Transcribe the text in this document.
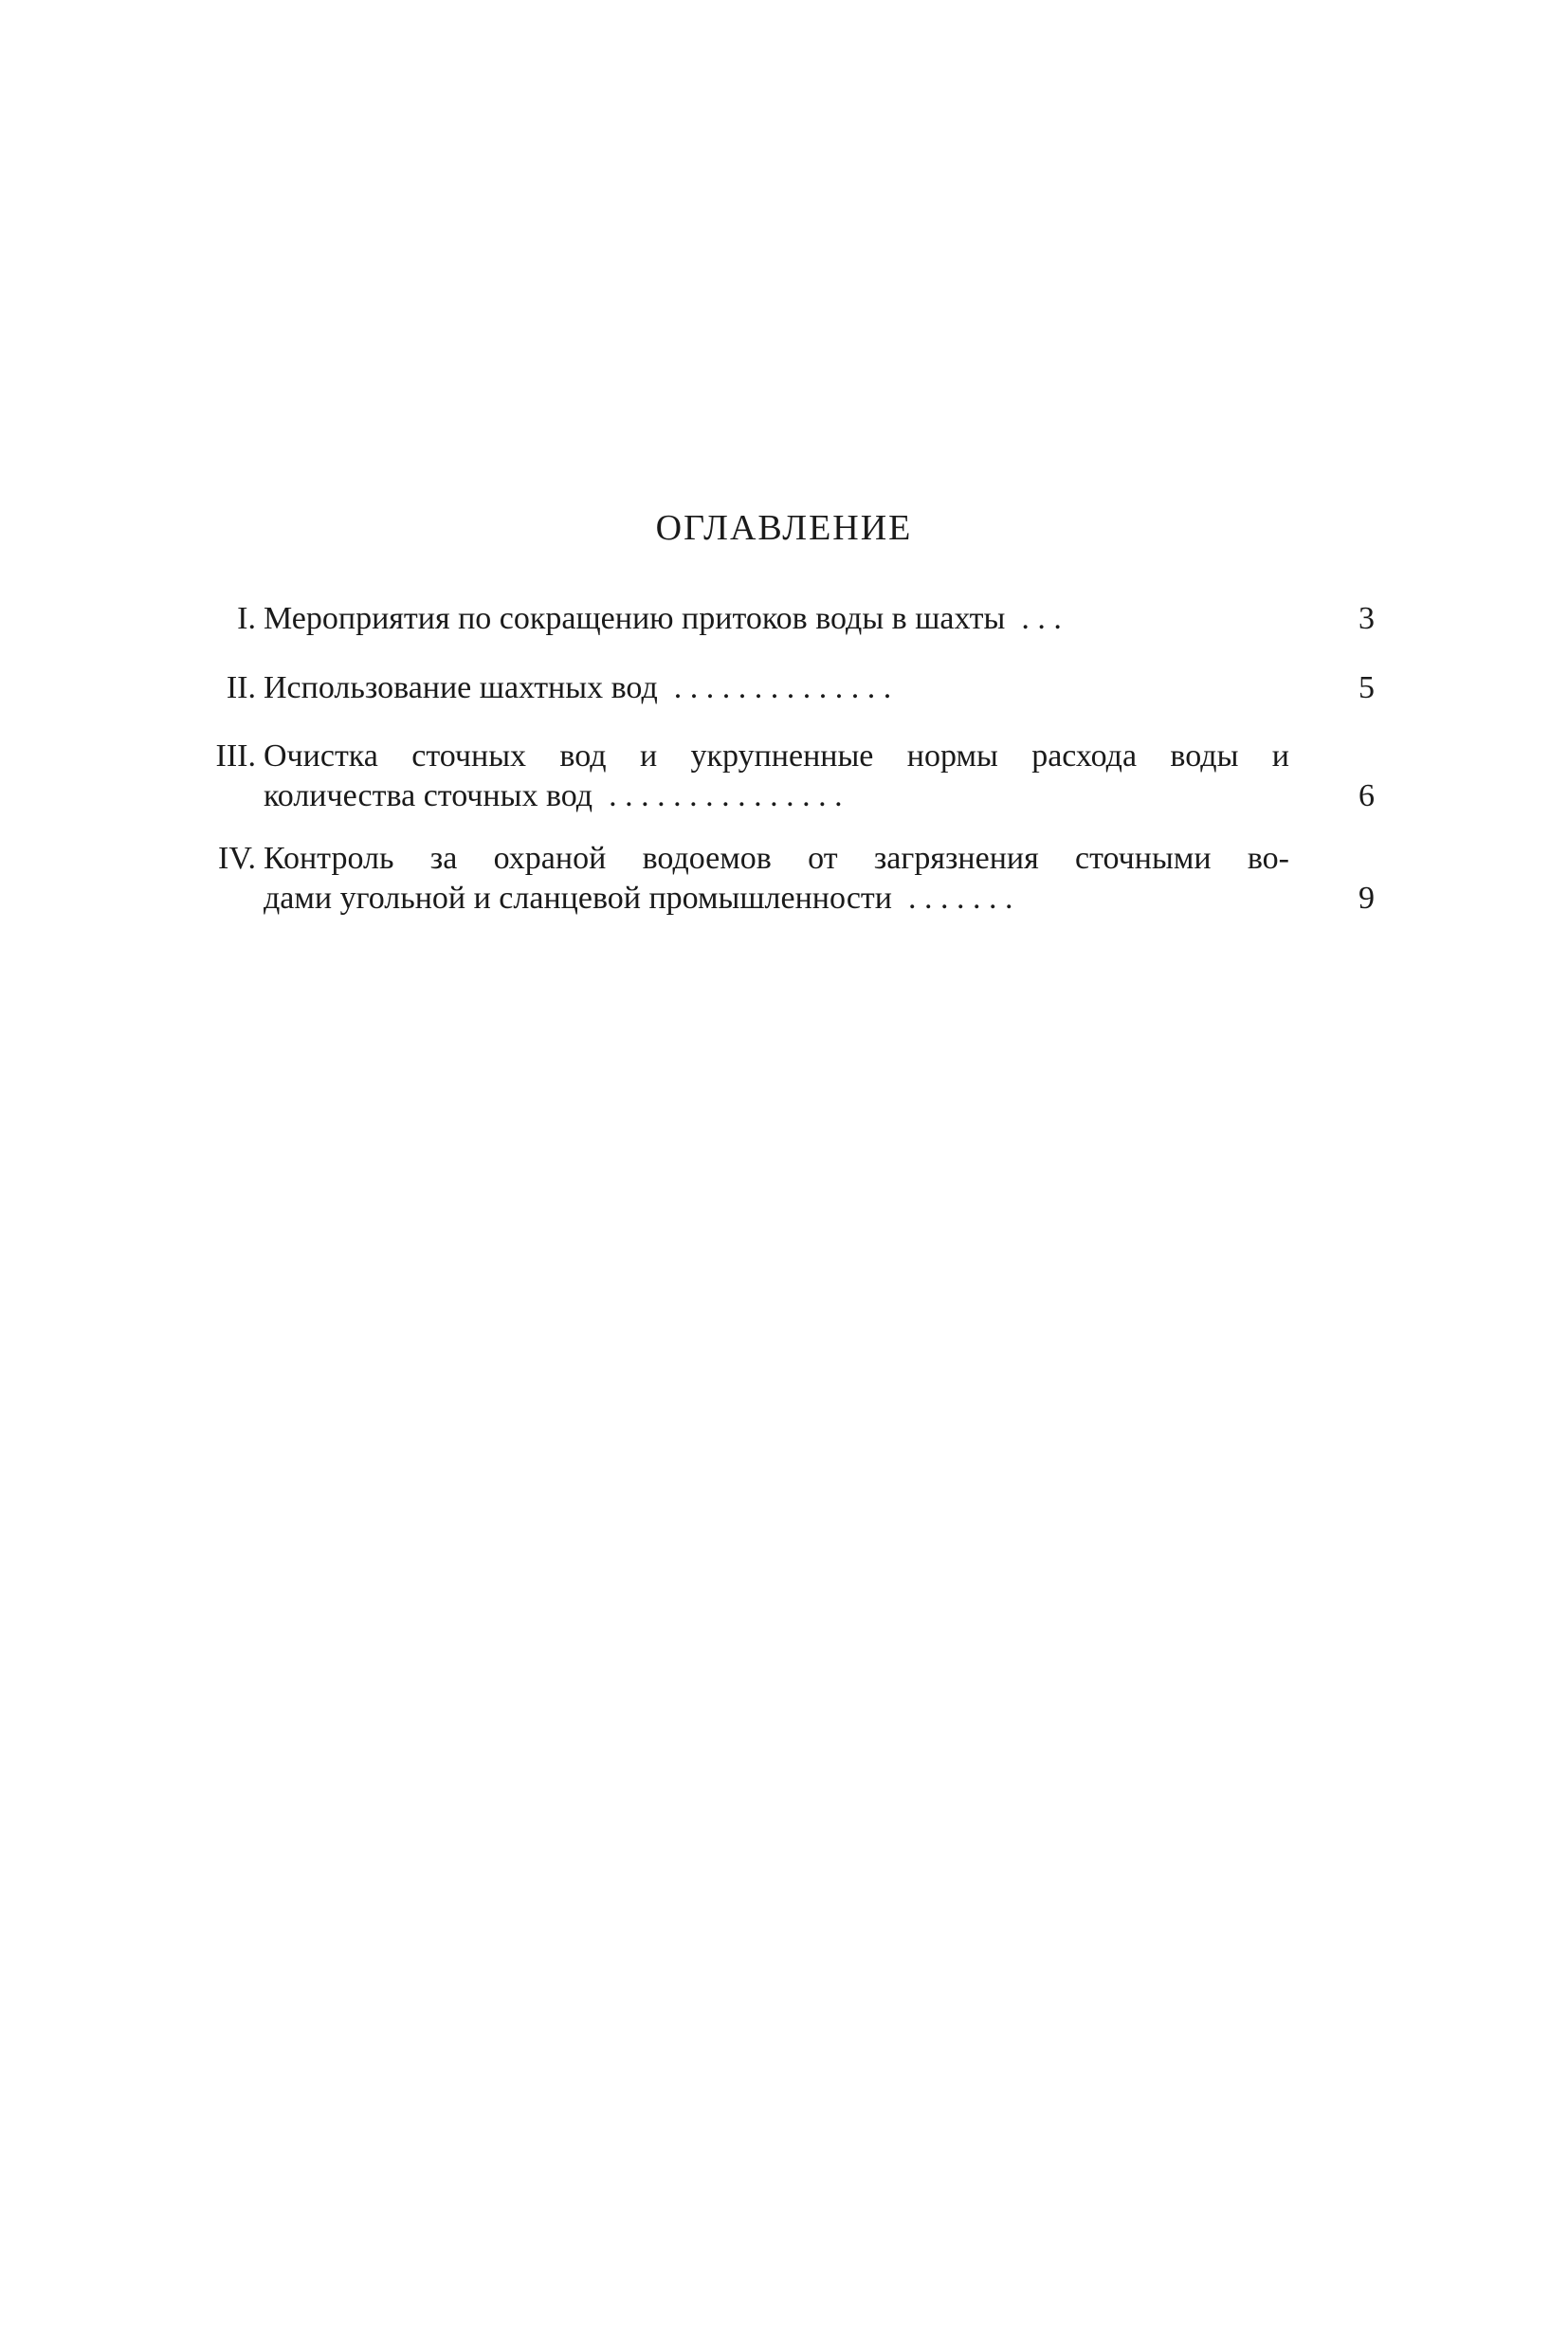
ОГЛАВЛЕНИЕ
I. Мероприятия по сокращению притоков воды в шахты . . .	3
II. Использование шахтных вод . . . . . . . . . . . . . .	5
III. Очистка сточных вод и укрупненные нормы расхода воды и
количества сточных вод . . . . . . . . . . . . . . .	6
IV. Контроль за охраной водоемов от загрязнения сточными во-
дами угольной и сланцевой промышленности . . . . . . .	9
